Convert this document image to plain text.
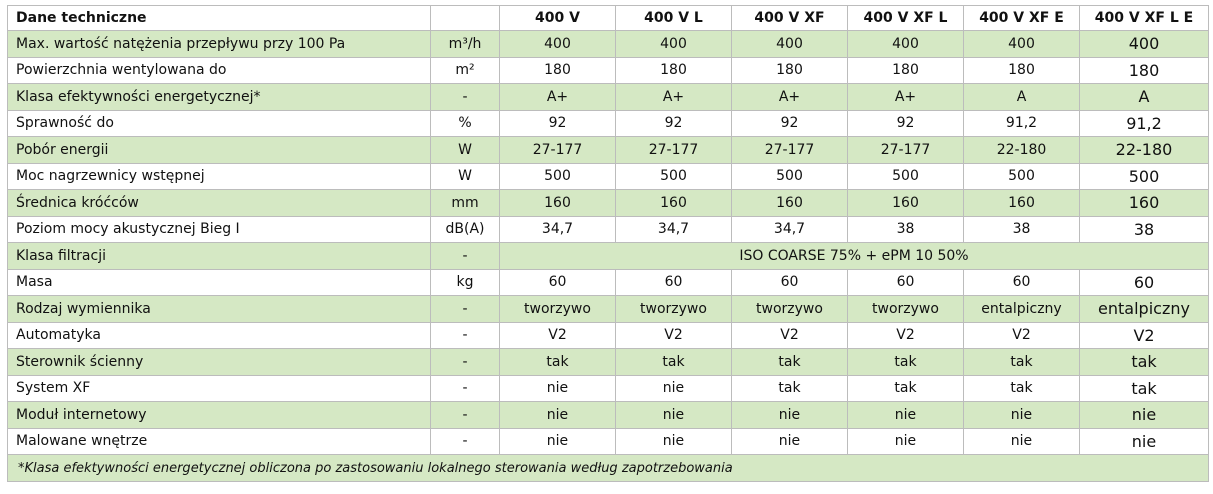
Dane techniczne		400 V	400 V L	400 V XF	400 V XF L	400 V XF E	400 V XF L E
Max. wartość natężenia przepływu przy 100 Pa	m³/h	400	400	400	400	400	400
Powierzchnia wentylowana do	m²	180	180	180	180	180	180
Klasa efektywności energetycznej*	-	A+	A+	A+	A+	A	A
Sprawność do	%	92	92	92	92	91,2	91,2
Pobór energii	W	27-177	27-177	27-177	27-177	22-180	22-180
Moc nagrzewnicy wstępnej	W	500	500	500	500	500	500
Średnica króćców	mm	160	160	160	160	160	160
Poziom mocy akustycznej Bieg I	dB(A)	34,7	34,7	34,7	38	38	38
Klasa filtracji	-	ISO COARSE 75% + ePM 10 50%					
Masa	kg	60	60	60	60	60	60
Rodzaj wymiennika	-	tworzywo	tworzywo	tworzywo	tworzywo	entalpiczny	entalpiczny
Automatyka	-	V2	V2	V2	V2	V2	V2
Sterownik ścienny	-	tak	tak	tak	tak	tak	tak
System XF	-	nie	nie	tak	tak	tak	tak
Moduł internetowy	-	nie	nie	nie	nie	nie	nie
Malowane wnętrze	-	nie	nie	nie	nie	nie	nie
*Klasa efektywności energetycznej obliczona po zastosowaniu lokalnego sterowania według zapotrzebowania							
